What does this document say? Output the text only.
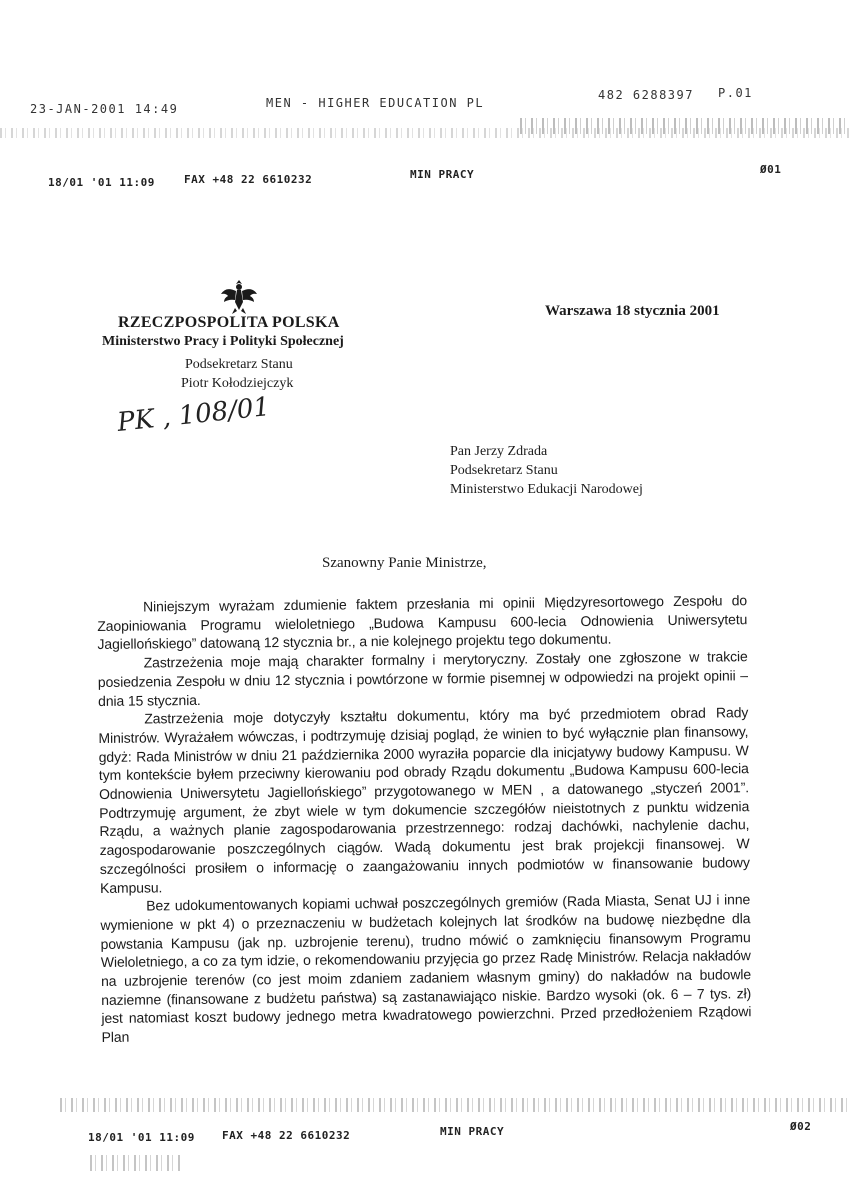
23-JAN-2001 14:49	MEN - HIGHER EDUCATION PL
482 6288397 P.01
18/01 '01 11:09	FAX +48 22 6610232	MIN PRACY	Ø01
RZECZPOSPOLITA POLSKA
Ministerstwo Pracy i Polityki Społecznej
Podsekretarz Stanu
Piotr Kołodziejczyk
PK , 108/01
Warszawa 18 stycznia 2001
Pan Jerzy Zdrada
Podsekretarz Stanu
Ministerstwo Edukacji Narodowej
Szanowny Panie Ministrze,

Niniejszym wyrażam zdumienie faktem przesłania mi opinii Międzyresortowego Zespołu do Zaopiniowania Programu wieloletniego „Budowa Kampusu 600-lecia Odnowienia Uniwersytetu Jagiellońskiego” datowaną 12 stycznia br., a nie kolejnego projektu tego dokumentu.

Zastrzeżenia moje mają charakter formalny i merytoryczny. Zostały one zgłoszone w trakcie posiedzenia Zespołu w dniu 12 stycznia i powtórzone w formie pisemnej w odpowiedzi na projekt opinii – dnia 15 stycznia.

Zastrzeżenia moje dotyczyły kształtu dokumentu, który ma być przedmiotem obrad Rady Ministrów. Wyrażałem wówczas, i podtrzymuję dzisiaj pogląd, że winien to być wyłącznie plan finansowy, gdyż: Rada Ministrów w dniu 21 października 2000 wyraziła poparcie dla inicjatywy budowy Kampusu. W tym kontekście byłem przeciwny kierowaniu pod obrady Rządu dokumentu „Budowa Kampusu 600-lecia Odnowienia Uniwersytetu Jagiellońskiego” przygotowanego w MEN , a datowanego „styczeń 2001”. Podtrzymuję argument, że zbyt wiele w tym dokumencie szczegółów nieistotnych z punktu widzenia Rządu, a ważnych planie zagospodarowania przestrzennego: rodzaj dachówki, nachylenie dachu, zagospodarowanie poszczególnych ciągów. Wadą dokumentu jest brak projekcji finansowej. W szczególności prosiłem o informację o zaangażowaniu innych podmiotów w finansowanie budowy Kampusu.

Bez udokumentowanych kopiami uchwał poszczególnych gremiów (Rada Miasta, Senat UJ i inne wymienione w pkt 4) o przeznaczeniu w budżetach kolejnych lat środków na budowę niezbędne dla powstania Kampusu (jak np. uzbrojenie terenu), trudno mówić o zamknięciu finansowym Programu Wieloletniego, a co za tym idzie, o rekomendowaniu przyjęcia go przez Radę Ministrów. Relacja nakładów na uzbrojenie terenów (co jest moim zdaniem zadaniem własnym gminy) do nakładów na budowle naziemne (finansowane z budżetu państwa) są zastanawiająco niskie. Bardzo wysoki (ok. 6 – 7 tys. zł) jest natomiast koszt budowy jednego metra kwadratowego powierzchni. Przed przedłożeniem Rządowi Plan

18/01 '01 11:09 FAX +48 22 6610232	MIN PRACY	Ø02
